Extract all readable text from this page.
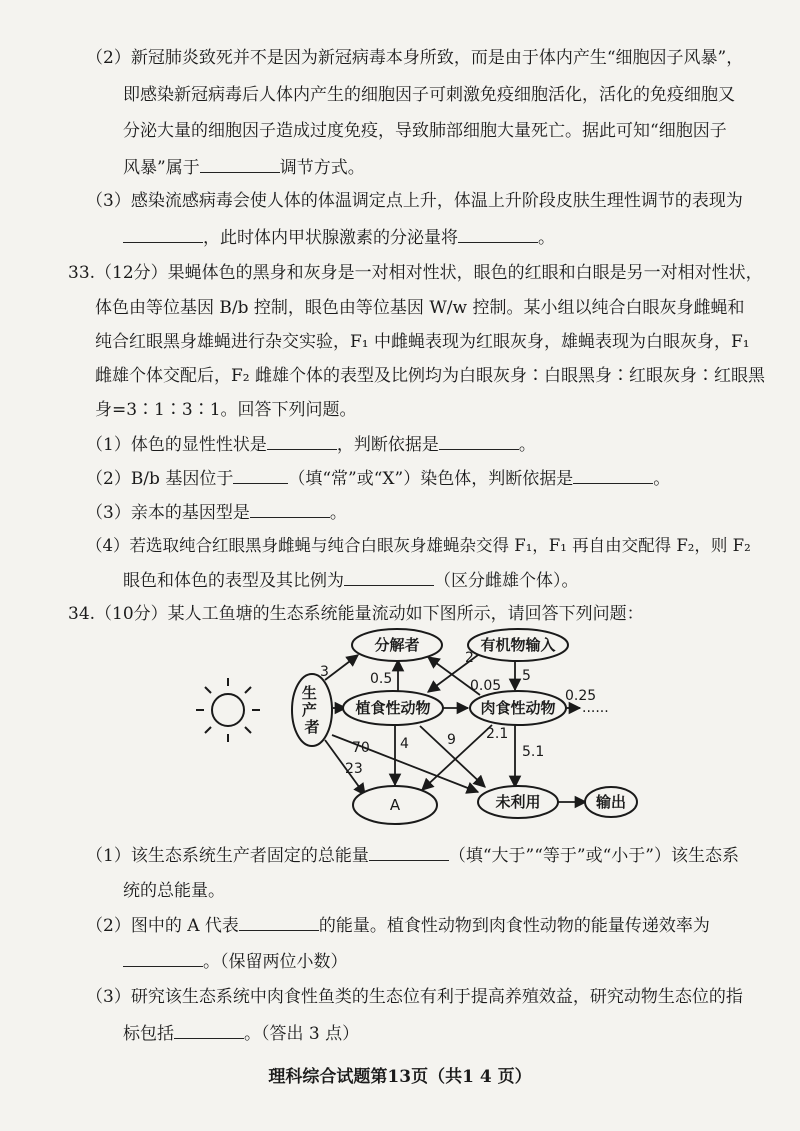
（2）新冠肺炎致死并不是因为新冠病毒本身所致，而是由于体内产生“细胞因子风暴”，
即感染新冠病毒后人体内产生的细胞因子可刺激免疫细胞活化，活化的免疫细胞又
分泌大量的细胞因子造成过度免疫，导致肺部细胞大量死亡。据此可知“细胞因子
风暴”属于	调节方式。
（3）感染流感病毒会使人体的体温调定点上升，体温上升阶段皮肤生理性调节的表现为
，此时体内甲状腺激素的分泌量将	。
33.（12分）果蝇体色的黑身和灰身是一对相对性状，眼色的红眼和白眼是另一对相对性状，
体色由等位基因 B/b 控制，眼色由等位基因 W/w 控制。某小组以纯合白眼灰身雌蝇和
纯合红眼黑身雄蝇进行杂交实验，F₁ 中雌蝇表现为红眼灰身，雄蝇表现为白眼灰身，F₁
雌雄个体交配后，F₂ 雌雄个体的表型及比例均为白眼灰身∶白眼黑身∶红眼灰身∶红眼黑
身=3∶1∶3∶1。回答下列问题。
（1）体色的显性性状是	，判断依据是	。
（2）B/b 基因位于	（填“常”或“X”）染色体，判断依据是	。
（3）亲本的基因型是	。
（4）若选取纯合红眼黑身雌蝇与纯合白眼灰身雄蝇杂交得 F₁，F₁ 再自由交配得 F₂，则 F₂
眼色和体色的表型及其比例为	（区分雌雄个体）。
34.（10分）某人工鱼塘的生态系统能量流动如下图所示，请回答下列问题：
生 产 者
分解者	有机物输入
植食性动物	肉食性动物
A	未利用	输出
3	0.5
2
5
0.05
0.25
......
70 4	9 2.1
5.1
23
（1）该生态系统生产者固定的总能量	（填“大于”“等于”或“小于”）该生态系
统的总能量。
（2）图中的 A 代表	的能量。植食性动物到肉食性动物的能量传递效率为
。（保留两位小数）
（3）研究该生态系统中肉食性鱼类的生态位有利于提高养殖效益，研究动物生态位的指
标包括	。（答出 3 点）
理科综合试题第13页（共1 4 页）
